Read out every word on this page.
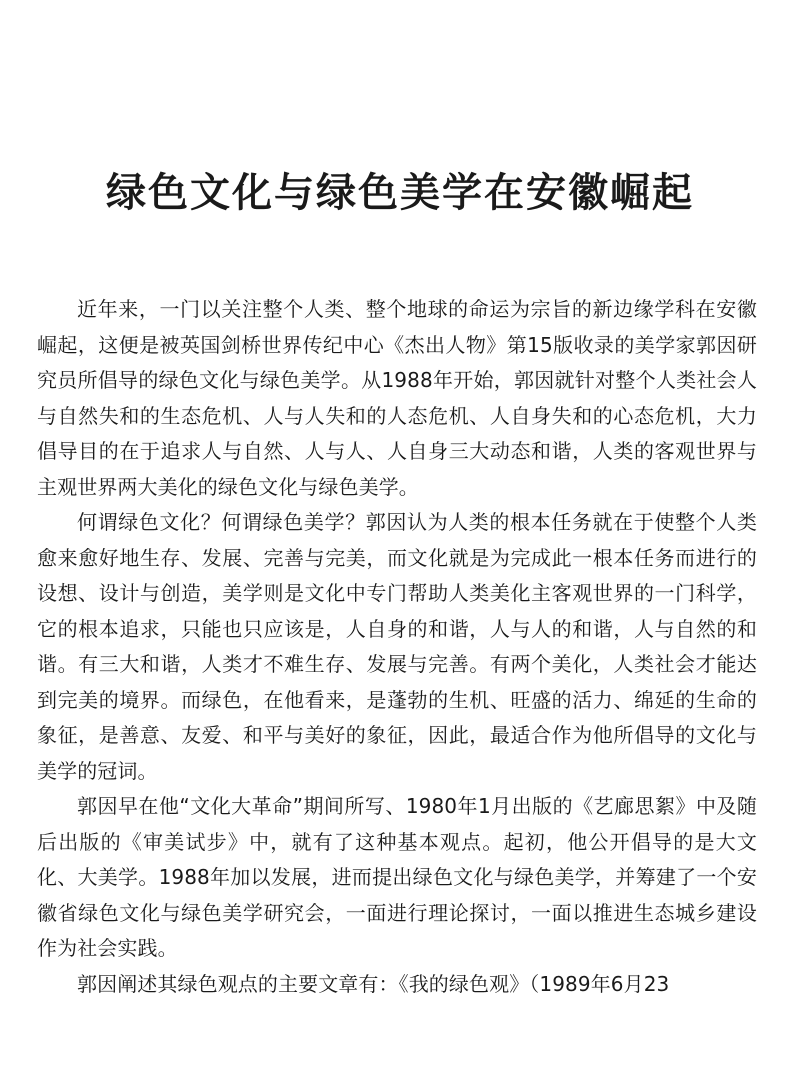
绿色文化与绿色美学在安徽崛起

近年来，一门以关注整个人类、整个地球的命运为宗旨的新边缘学科在安徽崛起，这便是被英国剑桥世界传纪中心《杰出人物》第15版收录的美学家郭因研究员所倡导的绿色文化与绿色美学。从1988年开始，郭因就针对整个人类社会人与自然失和的生态危机、人与人失和的人态危机、人自身失和的心态危机，大力倡导目的在于追求人与自然、人与人、人自身三大动态和谐，人类的客观世界与主观世界两大美化的绿色文化与绿色美学。

何谓绿色文化？何谓绿色美学？郭因认为人类的根本任务就在于使整个人类愈来愈好地生存、发展、完善与完美，而文化就是为完成此一根本任务而进行的设想、设计与创造，美学则是文化中专门帮助人类美化主客观世界的一门科学，它的根本追求，只能也只应该是，人自身的和谐，人与人的和谐，人与自然的和谐。有三大和谐，人类才不难生存、发展与完善。有两个美化，人类社会才能达到完美的境界。而绿色，在他看来，是蓬勃的生机、旺盛的活力、绵延的生命的象征，是善意、友爱、和平与美好的象征，因此，最适合作为他所倡导的文化与美学的冠词。

郭因早在他“文化大革命”期间所写、1980年1月出版的《艺廊思絮》中及随后出版的《审美试步》中，就有了这种基本观点。起初，他公开倡导的是大文化、大美学。1988年加以发展，进而提出绿色文化与绿色美学，并筹建了一个安徽省绿色文化与绿色美学研究会，一面进行理论探讨，一面以推进生态城乡建设作为社会实践。

郭因阐述其绿色观点的主要文章有：《我的绿色观》（1989年6月23
